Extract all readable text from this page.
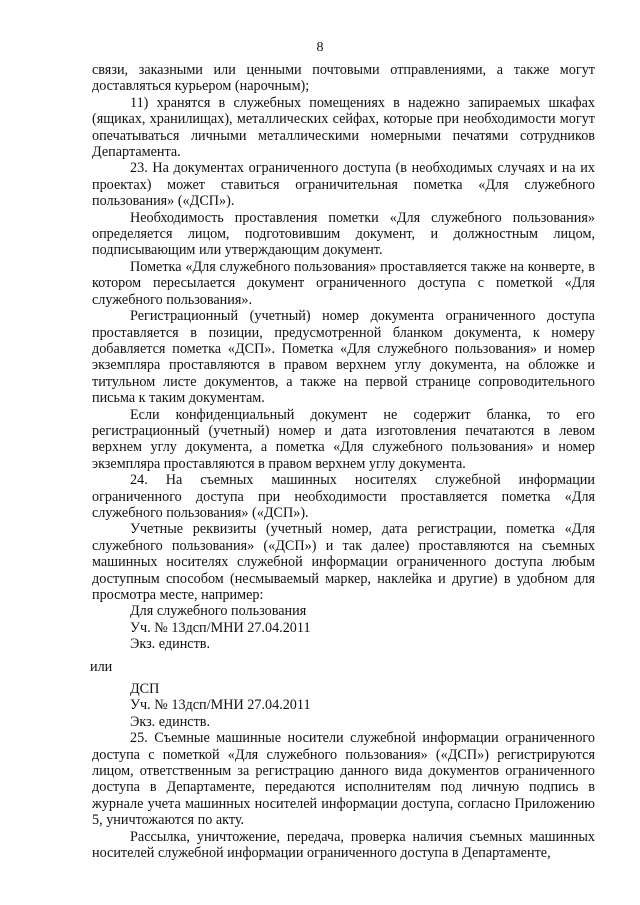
8

связи, заказными или ценными почтовыми отправлениями, а также могут доставляться курьером (нарочным);

11) хранятся в служебных помещениях в надежно запираемых шкафах (ящиках, хранилищах), металлических сейфах, которые при необходимости могут опечатываться личными металлическими номерными печатями сотрудников Департамента.

23. На документах ограниченного доступа (в необходимых случаях и на их проектах) может ставиться ограничительная пометка «Для служебного пользования» («ДСП»).

Необходимость проставления пометки «Для служебного пользования» определяется лицом, подготовившим документ, и должностным лицом, подписывающим или утверждающим документ.

Пометка «Для служебного пользования» проставляется также на конверте, в котором пересылается документ ограниченного доступа с пометкой «Для служебного пользования».

Регистрационный (учетный) номер документа ограниченного доступа проставляется в позиции, предусмотренной бланком документа, к номеру добавляется пометка «ДСП». Пометка «Для служебного пользования» и номер экземпляра проставляются в правом верхнем углу документа, на обложке и титульном листе документов, а также на первой странице сопроводительного письма к таким документам.

Если конфиденциальный документ не содержит бланка, то его регистрационный (учетный) номер и дата изготовления печатаются в левом верхнем углу документа, а пометка «Для служебного пользования» и номер экземпляра проставляются в правом верхнем углу документа.

24. На съемных машинных носителях служебной информации ограниченного доступа при необходимости проставляется пометка «Для служебного пользования» («ДСП»).

Учетные реквизиты (учетный номер, дата регистрации, пометка «Для служебного пользования» («ДСП») и так далее) проставляются на съемных машинных носителях служебной информации ограниченного доступа любым доступным способом (несмываемый маркер, наклейка и другие) в удобном для просмотра месте, например:

Для служебного пользования

Уч. № 13дсп/МНИ 27.04.2011

Экз. единств.

или

ДСП

Уч. № 13дсп/МНИ 27.04.2011

Экз. единств.

25. Съемные машинные носители служебной информации ограниченного доступа с пометкой «Для служебного пользования» («ДСП») регистрируются лицом, ответственным за регистрацию данного вида документов ограниченного доступа в Департаменте, передаются исполнителям под личную подпись в журнале учета машинных носителей информации доступа, согласно Приложению 5, уничтожаются по акту.

Рассылка, уничтожение, передача, проверка наличия съемных машинных носителей служебной информации ограниченного доступа в Департаменте,
